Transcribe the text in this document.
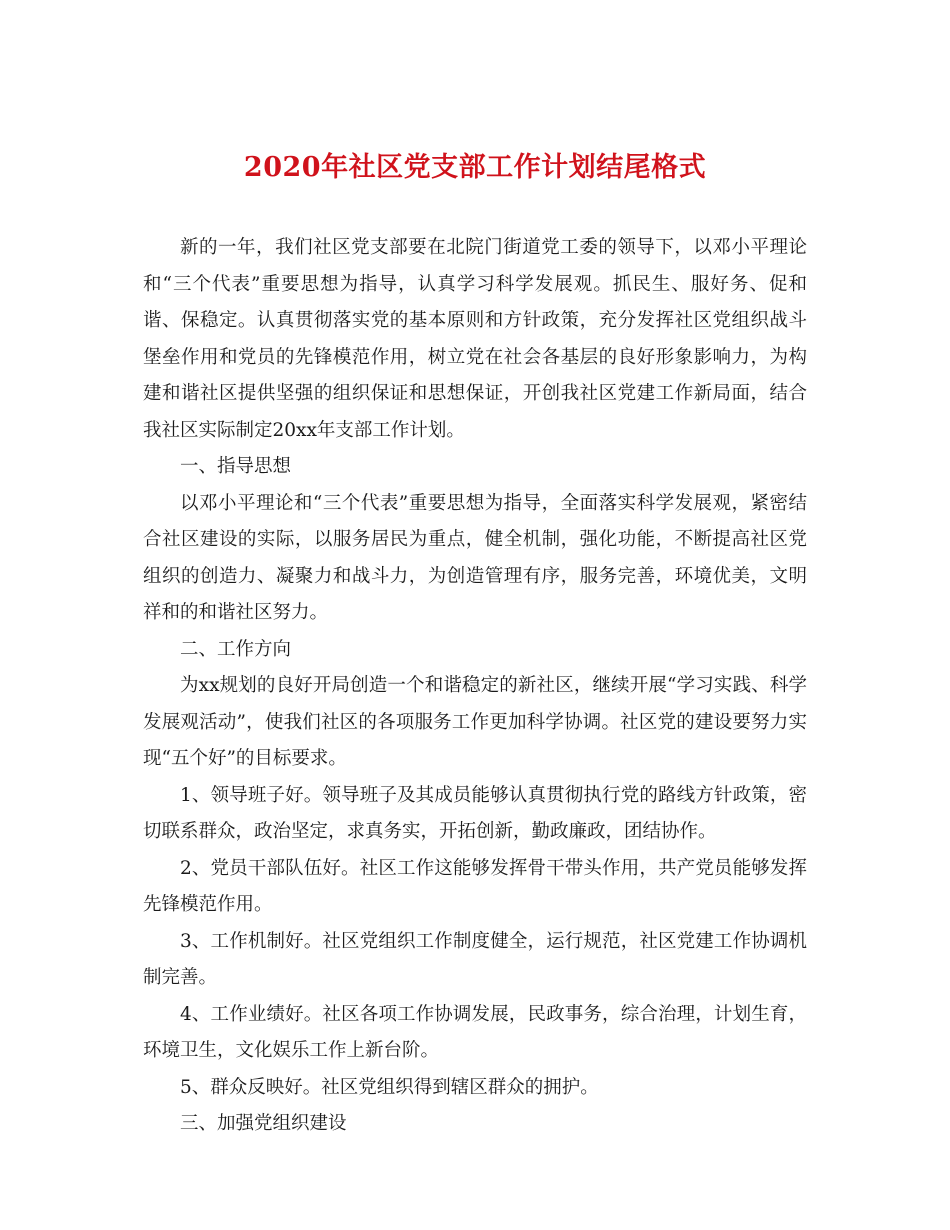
2020年社区党支部工作计划结尾格式

新的一年，我们社区党支部要在北院门街道党工委的领导下，以邓小平理论和“三个代表”重要思想为指导，认真学习科学发展观。抓民生、服好务、促和谐、保稳定。认真贯彻落实党的基本原则和方针政策，充分发挥社区党组织战斗堡垒作用和党员的先锋模范作用，树立党在社会各基层的良好形象影响力，为构建和谐社区提供坚强的组织保证和思想保证，开创我社区党建工作新局面，结合我社区实际制定20xx年支部工作计划。

一、指导思想

以邓小平理论和“三个代表”重要思想为指导，全面落实科学发展观，紧密结合社区建设的实际，以服务居民为重点，健全机制，强化功能，不断提高社区党组织的创造力、凝聚力和战斗力，为创造管理有序，服务完善，环境优美，文明祥和的和谐社区努力。

二、工作方向

为xx规划的良好开局创造一个和谐稳定的新社区，继续开展“学习实践、科学发展观活动”，使我们社区的各项服务工作更加科学协调。社区党的建设要努力实现“五个好”的目标要求。

1、领导班子好。领导班子及其成员能够认真贯彻执行党的路线方针政策，密切联系群众，政治坚定，求真务实，开拓创新，勤政廉政，团结协作。

2、党员干部队伍好。社区工作这能够发挥骨干带头作用，共产党员能够发挥先锋模范作用。

3、工作机制好。社区党组织工作制度健全，运行规范，社区党建工作协调机制完善。

4、工作业绩好。社区各项工作协调发展，民政事务，综合治理，计划生育，环境卫生，文化娱乐工作上新台阶。

5、群众反映好。社区党组织得到辖区群众的拥护。

三、加强党组织建设
